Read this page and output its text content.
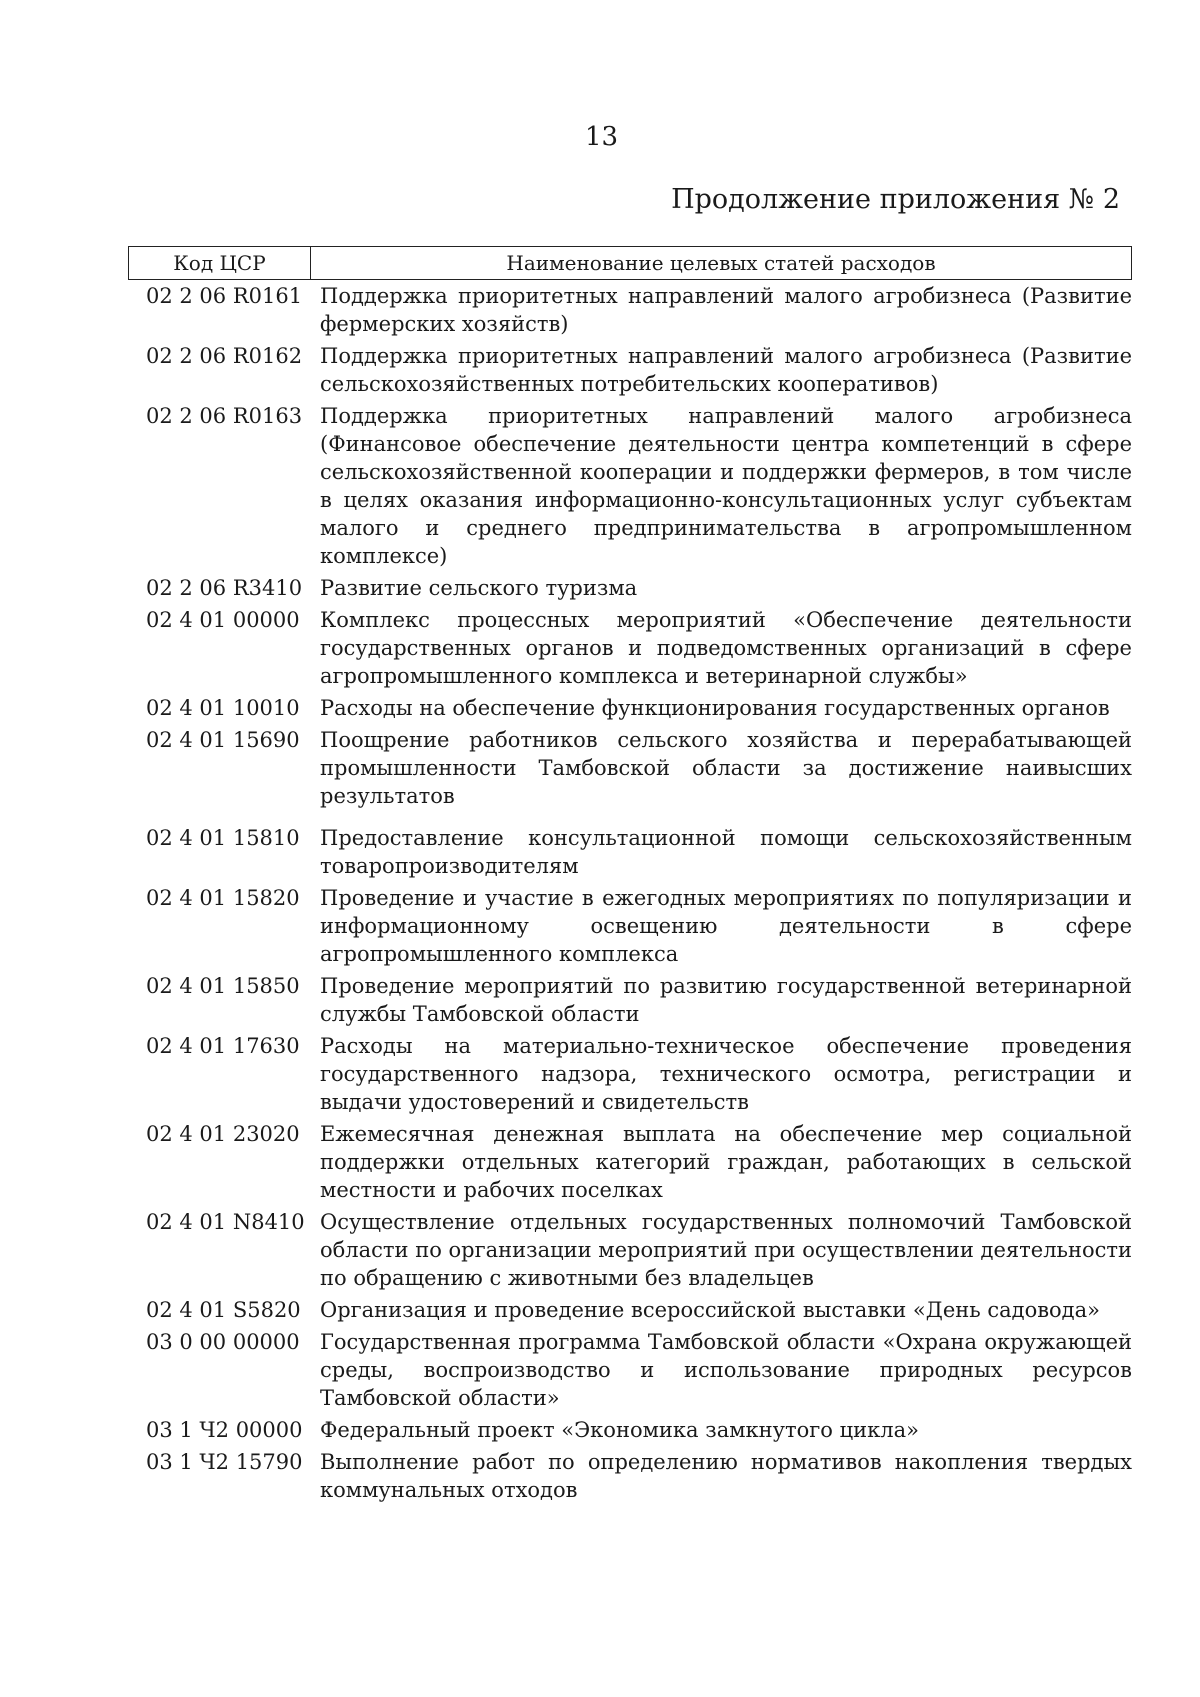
13
Продолжение приложения № 2
Код ЦСР	Наименование целевых статей расходов
02 2 06 R0161 Поддержка приоритетных направлений малого агробизнеса (Развитие фермерских хозяйств)
02 2 06 R0162 Поддержка приоритетных направлений малого агробизнеса (Развитие сельскохозяйственных потребительских кооперативов)
02 2 06 R0163 Поддержка приоритетных направлений малого агробизнеса (Финансовое обеспечение деятельности центра компетенций в сфере сельскохозяйственной кооперации и поддержки фермеров, в том числе в целях оказания информационно-консультационных услуг субъектам малого и среднего предпринимательства в агропромышленном комплексе)
02 2 06 R3410 Развитие сельского туризма
02 4 01 00000 Комплекс процессных мероприятий «Обеспечение деятельности государственных органов и подведомственных организаций в сфере агропромышленного комплекса и ветеринарной службы»
02 4 01 10010 Расходы на обеспечение функционирования государственных органов
02 4 01 15690 Поощрение работников сельского хозяйства и перерабатывающей промышленности Тамбовской области за достижение наивысших результатов
02 4 01 15810 Предоставление консультационной помощи сельскохозяйственным товаропроизводителям
02 4 01 15820 Проведение и участие в ежегодных мероприятиях по популяризации и информационному освещению деятельности в сфере агропромышленного комплекса
02 4 01 15850 Проведение мероприятий по развитию государственной ветеринарной службы Тамбовской области
02 4 01 17630 Расходы на материально-техническое обеспечение проведения государственного надзора, технического осмотра, регистрации и выдачи удостоверений и свидетельств
02 4 01 23020 Ежемесячная денежная выплата на обеспечение мер социальной поддержки отдельных категорий граждан, работающих в сельской местности и рабочих поселках
02 4 01 N8410 Осуществление отдельных государственных полномочий Тамбовской области по организации мероприятий при осуществлении деятельности по обращению с животными без владельцев
02 4 01 S5820 Организация и проведение всероссийской выставки «День садовода»
03 0 00 00000 Государственная программа Тамбовской области «Охрана окружающей среды, воспроизводство и использование природных ресурсов Тамбовской области»
03 1 Ч2 00000 Федеральный проект «Экономика замкнутого цикла»
03 1 Ч2 15790 Выполнение работ по определению нормативов накопления твердых коммунальных отходов
